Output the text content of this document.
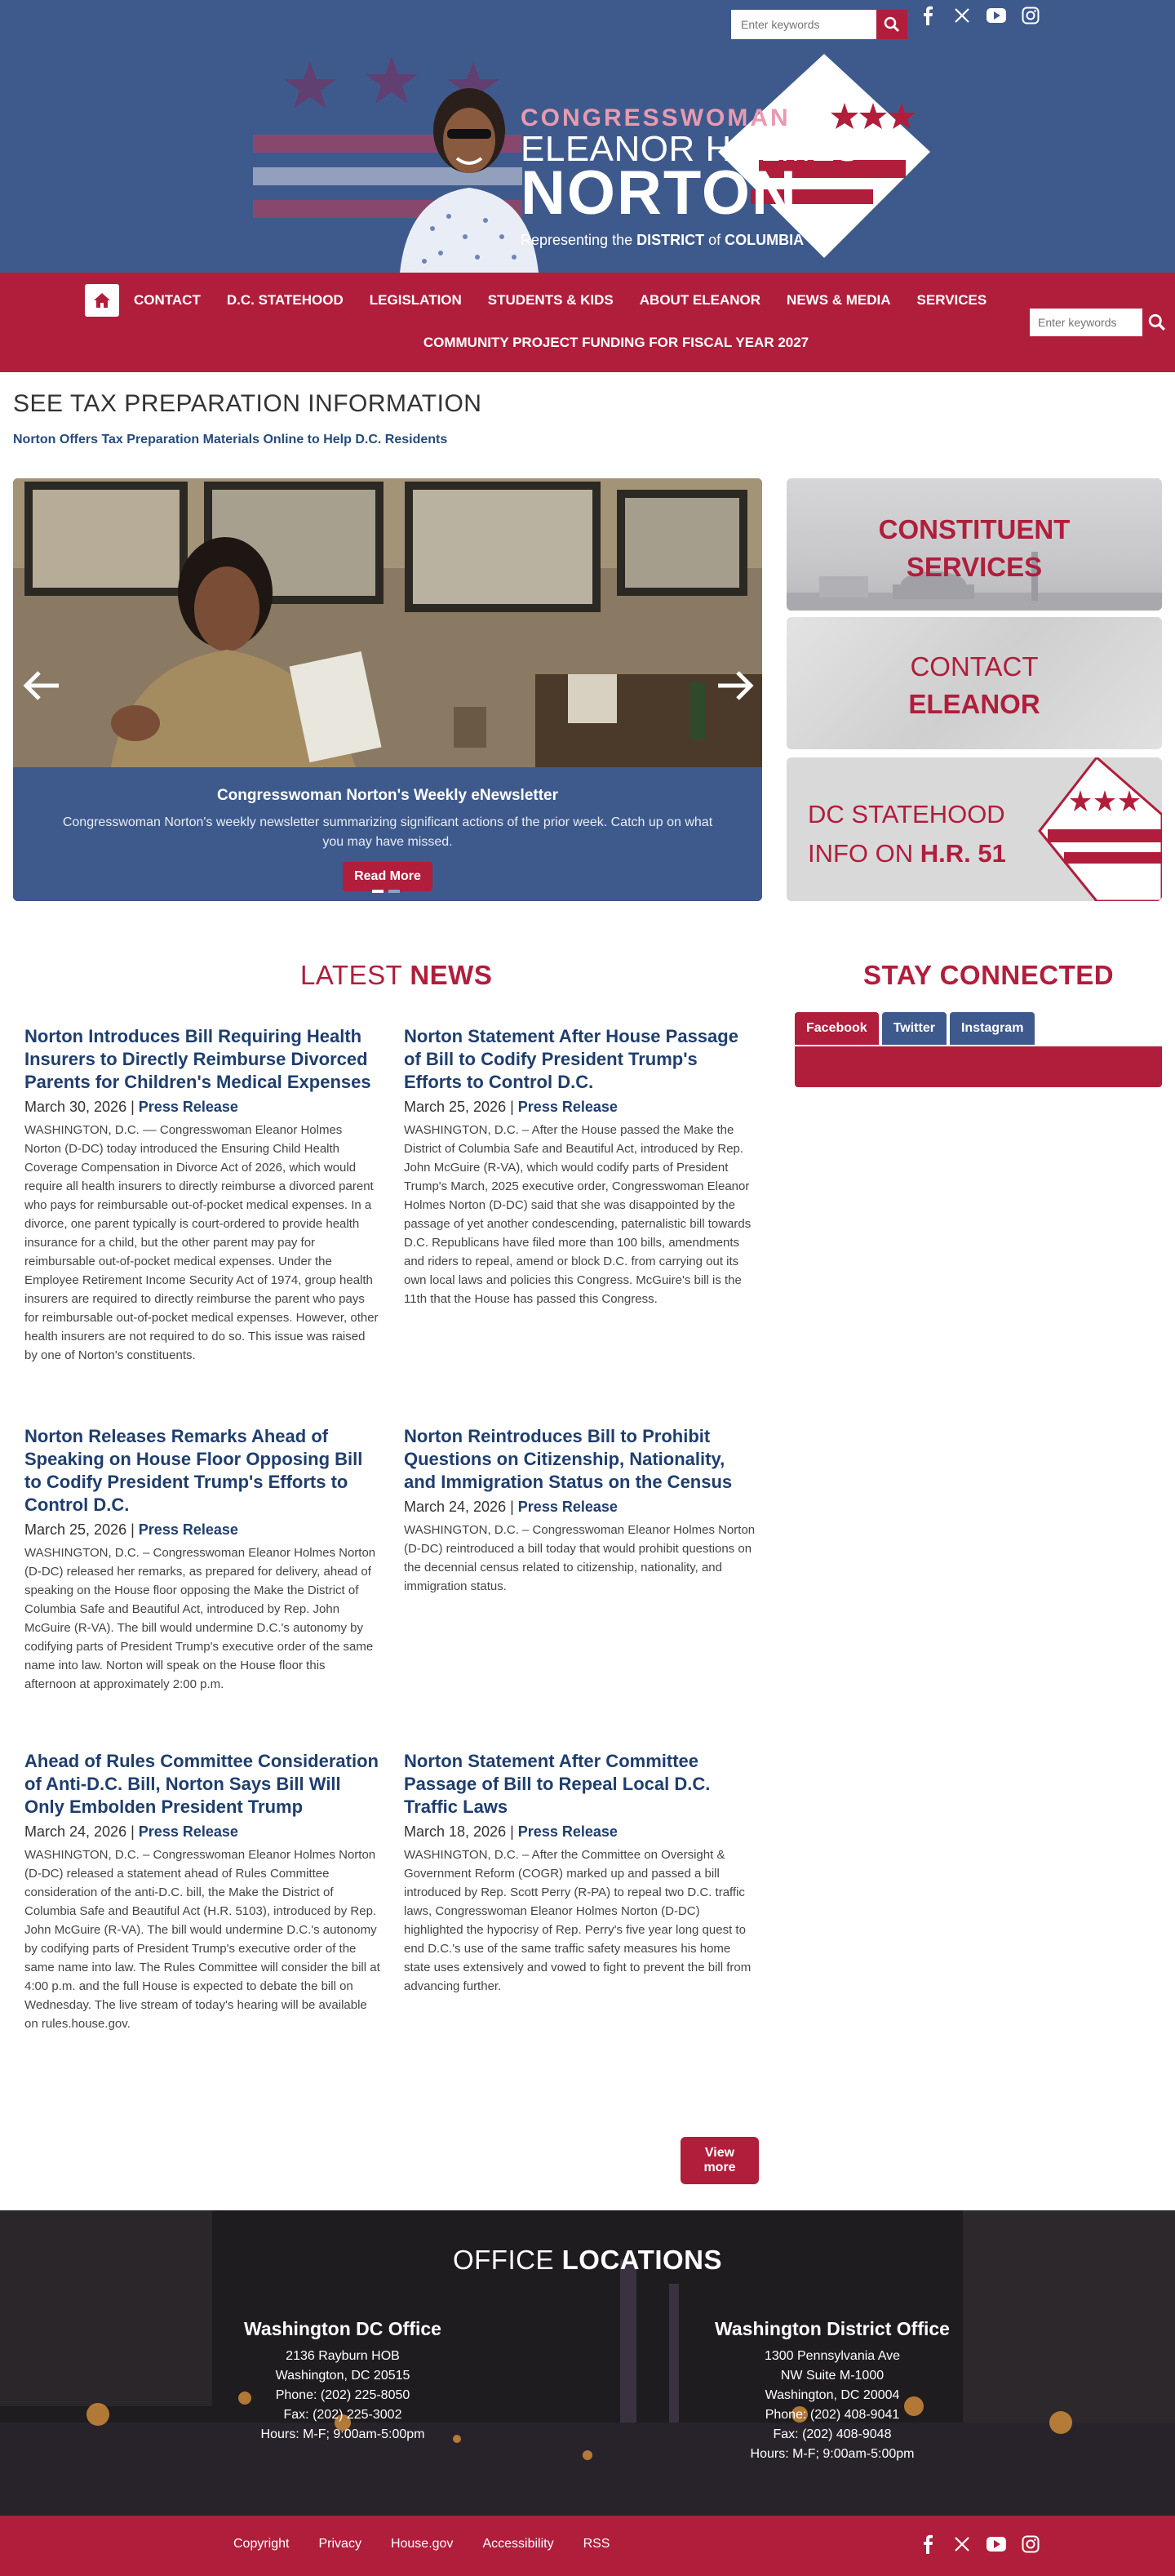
CONGRESSWOMAN
ELEANOR HOLMES
NORTON
Representing the DISTRICT of COLUMBIA
Enter keywords
CONTACT D.C. STATEHOOD LEGISLATION STUDENTS & KIDS ABOUT ELEANOR NEWS & MEDIA SERVICES
COMMUNITY PROJECT FUNDING FOR FISCAL YEAR 2027
Enter keywords
SEE TAX PREPARATION INFORMATION
Norton Offers Tax Preparation Materials Online to Help D.C. Residents
Congresswoman Norton's Weekly eNewsletter
Congresswoman Norton's weekly newsletter summarizing significant actions of the prior week. Catch up on what you may have missed.
Read More
CONSTITUENT
SERVICES
CONTACT
ELEANOR
DC STATEHOOD
INFO ON H.R. 51
LATEST NEWS
Norton Introduces Bill Requiring Health Insurers to Directly Reimburse Divorced Parents for Children's Medical Expenses
March 30, 2026 | Press Release

WASHINGTON, D.C. –– Congresswoman Eleanor Holmes Norton (D-DC) today introduced the Ensuring Child Health Coverage Compensation in Divorce Act of 2026, which would require all health insurers to directly reimburse a divorced parent who pays for reimbursable out-of-pocket medical expenses. In a divorce, one parent typically is court-ordered to provide health insurance for a child, but the other parent may pay for reimbursable out-of-pocket medical expenses. Under the Employee Retirement Income Security Act of 1974, group health insurers are required to directly reimburse the parent who pays for reimbursable out-of-pocket medical expenses. However, other health insurers are not required to do so. This issue was raised by one of Norton's constituents.

Norton Statement After House Passage of Bill to Codify President Trump's Efforts to Control D.C.
March 25, 2026 | Press Release

WASHINGTON, D.C. – After the House passed the Make the District of Columbia Safe and Beautiful Act, introduced by Rep. John McGuire (R-VA), which would codify parts of President Trump's March, 2025 executive order, Congresswoman Eleanor Holmes Norton (D-DC) said that she was disappointed by the passage of yet another condescending, paternalistic bill towards D.C. Republicans have filed more than 100 bills, amendments and riders to repeal, amend or block D.C. from carrying out its own local laws and policies this Congress. McGuire's bill is the 11th that the House has passed this Congress.

Norton Releases Remarks Ahead of Speaking on House Floor Opposing Bill to Codify President Trump's Efforts to Control D.C.
March 25, 2026 | Press Release

WASHINGTON, D.C. – Congresswoman Eleanor Holmes Norton (D-DC) released her remarks, as prepared for delivery, ahead of speaking on the House floor opposing the Make the District of Columbia Safe and Beautiful Act, introduced by Rep. John McGuire (R-VA). The bill would undermine D.C.'s autonomy by codifying parts of President Trump's executive order of the same name into law. Norton will speak on the House floor this afternoon at approximately 2:00 p.m.

Norton Reintroduces Bill to Prohibit Questions on Citizenship, Nationality, and Immigration Status on the Census
March 24, 2026 | Press Release

WASHINGTON, D.C. – Congresswoman Eleanor Holmes Norton (D-DC) reintroduced a bill today that would prohibit questions on the decennial census related to citizenship, nationality, and immigration status.

Ahead of Rules Committee Consideration of Anti-D.C. Bill, Norton Says Bill Will Only Embolden President Trump
March 24, 2026 | Press Release

WASHINGTON, D.C. – Congresswoman Eleanor Holmes Norton (D-DC) released a statement ahead of Rules Committee consideration of the anti-D.C. bill, the Make the District of Columbia Safe and Beautiful Act (H.R. 5103), introduced by Rep. John McGuire (R-VA). The bill would undermine D.C.'s autonomy by codifying parts of President Trump's executive order of the same name into law. The Rules Committee will consider the bill at 4:00 p.m. and the full House is expected to debate the bill on Wednesday. The live stream of today's hearing will be available on rules.house.gov.

Norton Statement After Committee Passage of Bill to Repeal Local D.C. Traffic Laws
March 18, 2026 | Press Release

WASHINGTON, D.C. – After the Committee on Oversight & Government Reform (COGR) marked up and passed a bill introduced by Rep. Scott Perry (R-PA) to repeal two D.C. traffic laws, Congresswoman Eleanor Holmes Norton (D-DC) highlighted the hypocrisy of Rep. Perry's five year long quest to end D.C.'s use of the same traffic safety measures his home state uses extensively and vowed to fight to prevent the bill from advancing further.

View more
STAY CONNECTED
Facebook	Twitter	Instagram
OFFICE LOCATIONS
Washington DC Office
2136 Rayburn HOB
Washington, DC 20515
Phone: (202) 225-8050
Fax: (202) 225-3002
Hours: M-F; 9:00am-5:00pm
Washington District Office
1300 Pennsylvania Ave
NW Suite M-1000
Washington, DC 20004
Phone: (202) 408-9041
Fax: (202) 408-9048
Hours: M-F; 9:00am-5:00pm
Copyright Privacy House.gov Accessibility RSS
